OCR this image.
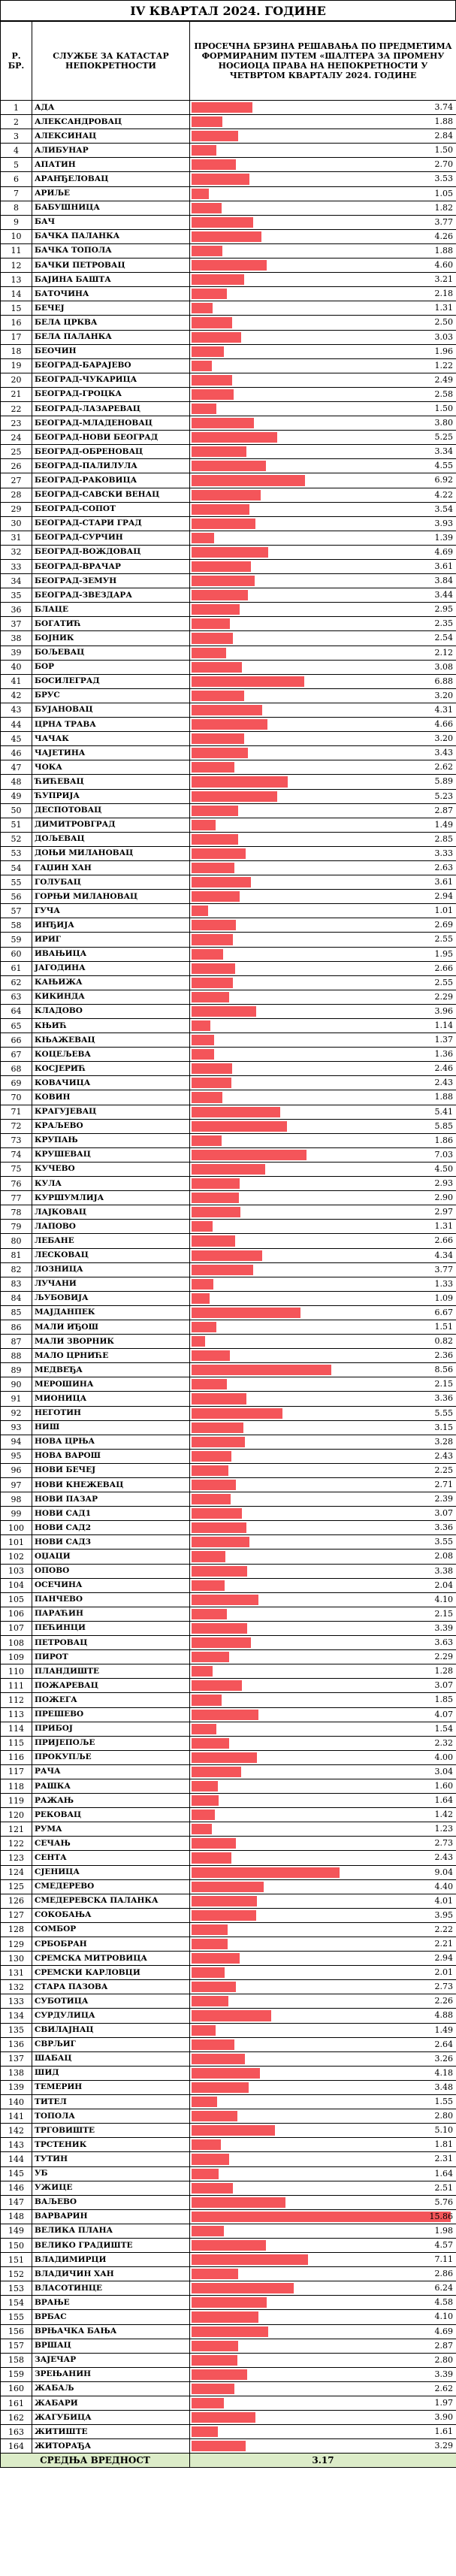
IV КВАРТАЛ 2024. ГОДИНЕ
Р. БР.	СЛУЖБЕ ЗА КАТАСТАР НЕПОКРЕТНОСТИ	ПРОСЕЧНА БРЗИНА РЕШАВАЊА ПО ПРЕДМЕТИМА ФОРМИРАНИМ ПУТЕМ «ШАЛТЕРА ЗА ПРОМЕНУ НОСИОЦА ПРАВА НА НЕПОКРЕТНОСТИ У ЧЕТВРТОМ КВАРТАЛУ 2024. ГОДИНЕ
1	АДА	3.74

2	АЛЕКСАНДРОВАЦ	1.88

3	АЛЕКСИНАЦ	2.84

4	АЛИБУНАР	1.50

5	АПАТИН	2.70

6	АРАНЂЕЛОВАЦ	3.53

7	АРИЉЕ	1.05

8	БАБУШНИЦА	1.82

9	БАЧ	3.77

10	БАЧКА ПАЛАНКА	4.26

11	БАЧКА ТОПОЛА	1.88

12	БАЧКИ ПЕТРОВАЦ	4.60

13	БАЈИНА БАШТА	3.21

14	БАТОЧИНА	2.18

15	БЕЧЕЈ	1.31

16	БЕЛА ЦРКВА	2.50

17	БЕЛА ПАЛАНКА	3.03

18	БЕОЧИН	1.96

19	БЕОГРАД-БАРАЈЕВО	1.22

20	БЕОГРАД-ЧУКАРИЦА	2.49

21	БЕОГРАД-ГРОЦКА	2.58

22	БЕОГРАД-ЛАЗАРЕВАЦ	1.50

23	БЕОГРАД-МЛАДЕНОВАЦ	3.80

24	БЕОГРАД-НОВИ БЕОГРАД	5.25

25	БЕОГРАД-ОБРЕНОВАЦ	3.34

26	БЕОГРАД-ПАЛИЛУЛА	4.55

27	БЕОГРАД-РАКОВИЦА	6.92

28	БЕОГРАД-САВСКИ ВЕНАЦ	4.22

29	БЕОГРАД-СОПОТ	3.54

30	БЕОГРАД-СТАРИ ГРАД	3.93

31	БЕОГРАД-СУРЧИН	1.39

32	БЕОГРАД-ВОЖДОВАЦ	4.69

33	БЕОГРАД-ВРАЧАР	3.61

34	БЕОГРАД-ЗЕМУН	3.84

35	БЕОГРАД-ЗВЕЗДАРА	3.44

36	БЛАЦЕ	2.95

37	БОГАТИЋ	2.35

38	БОЈНИК	2.54

39	БОЉЕВАЦ	2.12

40	БОР	3.08

41	БОСИЛЕГРАД	6.88

42	БРУС	3.20

43	БУЈАНОВАЦ	4.31

44	ЦРНА ТРАВА	4.66

45	ЧАЧАК	3.20

46	ЧАЈЕТИНА	3.43

47	ЧОКА	2.62

48	ЋИЋЕВАЦ	5.89

49	ЋУПРИЈА	5.23

50	ДЕСПОТОВАЦ	2.87

51	ДИМИТРОВГРАД	1.49

52	ДОЉЕВАЦ	2.85

53	ДОЊИ МИЛАНОВАЦ	3.33

54	ГАЏИН ХАН	2.63

55	ГОЛУБАЦ	3.61

56	ГОРЊИ МИЛАНОВАЦ	2.94

57	ГУЧА	1.01

58	ИНЂИЈА	2.69

59	ИРИГ	2.55

60	ИВАЊИЦА	1.95

61	ЈАГОДИНА	2.66

62	КАЊИЖА	2.55

63	КИКИНДА	2.29

64	КЛАДОВО	3.96

65	КЊИЋ	1.14

66	КЊАЖЕВАЦ	1.37

67	КОЦЕЉЕВА	1.36

68	КОСЈЕРИЋ	2.46

69	КОВАЧИЦА	2.43

70	КОВИН	1.88

71	КРАГУЈЕВАЦ	5.41

72	КРАЉЕВО	5.85

73	КРУПАЊ	1.86

74	КРУШЕВАЦ	7.03

75	КУЧЕВО	4.50

76	КУЛА	2.93

77	КУРШУМЛИЈА	2.90

78	ЛАЈКОВАЦ	2.97

79	ЛАПОВО	1.31

80	ЛЕБАНЕ	2.66

81	ЛЕСКОВАЦ	4.34

82	ЛОЗНИЦА	3.77

83	ЛУЧАНИ	1.33

84	ЉУБОВИЈА	1.09

85	МАЈДАНПЕК	6.67

86	МАЛИ ИЂОШ	1.51

87	МАЛИ ЗВОРНИК	0.82

88	МАЛО ЦРНИЋЕ	2.36

89	МЕДВЕЂА	8.56

90	МЕРОШИНА	2.15

91	МИОНИЦА	3.36

92	НЕГОТИН	5.55

93	НИШ	3.15

94	НОВА ЦРЊА	3.28

95	НОВА ВАРОШ	2.43

96	НОВИ БЕЧЕЈ	2.25

97	НОВИ КНЕЖЕВАЦ	2.71

98	НОВИ ПАЗАР	2.39

99	НОВИ САД1	3.07

100	НОВИ САД2	3.36

101	НОВИ САД3	3.55

102	ОЏАЦИ	2.08

103	ОПОВО	3.38

104	ОСЕЧИНА	2.04

105	ПАНЧЕВО	4.10

106	ПАРАЋИН	2.15

107	ПЕЋИНЦИ	3.39

108	ПЕТРОВАЦ	3.63

109	ПИРОТ	2.29

110	ПЛАНДИШТЕ	1.28

111	ПОЖАРЕВАЦ	3.07

112	ПОЖЕГА	1.85

113	ПРЕШЕВО	4.07

114	ПРИБОЈ	1.54

115	ПРИЈЕПОЉЕ	2.32

116	ПРОКУПЉЕ	4.00

117	РАЧА	3.04

118	РАШКА	1.60

119	РАЖАЊ	1.64

120	РЕКОВАЦ	1.42

121	РУМА	1.23

122	СЕЧАЊ	2.73

123	СЕНТА	2.43

124	СЈЕНИЦА	9.04

125	СМЕДЕРЕВО	4.40

126	СМЕДЕРЕВСКА ПАЛАНКА	4.01

127	СОКОБАЊА	3.95

128	СОМБОР	2.22

129	СРБОБРАН	2.21

130	СРЕМСКА МИТРОВИЦА	2.94

131	СРЕМСКИ КАРЛОВЦИ	2.01

132	СТАРА ПАЗОВА	2.73

133	СУБОТИЦА	2.26

134	СУРДУЛИЦА	4.88

135	СВИЛАЈНАЦ	1.49

136	СВРЉИГ	2.64

137	ШАБАЦ	3.26

138	ШИД	4.18

139	ТЕМЕРИН	3.48

140	ТИТЕЛ	1.55

141	ТОПОЛА	2.80

142	ТРГОВИШТЕ	5.10

143	ТРСТЕНИК	1.81

144	ТУТИН	2.31

145	УБ	1.64

146	УЖИЦЕ	2.51

147	ВАЉЕВО	5.76

148	ВАРВАРИН	15.86

149	ВЕЛИКА ПЛАНА	1.98

150	ВЕЛИКО ГРАДИШТЕ	4.57

151	ВЛАДИМИРЦИ	7.11

152	ВЛАДИЧИН ХАН	2.86

153	ВЛАСОТИНЦЕ	6.24

154	ВРАЊЕ	4.58

155	ВРБАС	4.10

156	ВРЊАЧКА БАЊА	4.69

157	ВРШАЦ	2.87

158	ЗАЈЕЧАР	2.80

159	ЗРЕЊАНИН	3.39

160	ЖАБАЉ	2.62

161	ЖАБАРИ	1.97

162	ЖАГУБИЦА	3.90

163	ЖИТИШТЕ	1.61

164	ЖИТОРАЂА	3.29

СРЕДЊА ВРЕДНОСТ		3.17
